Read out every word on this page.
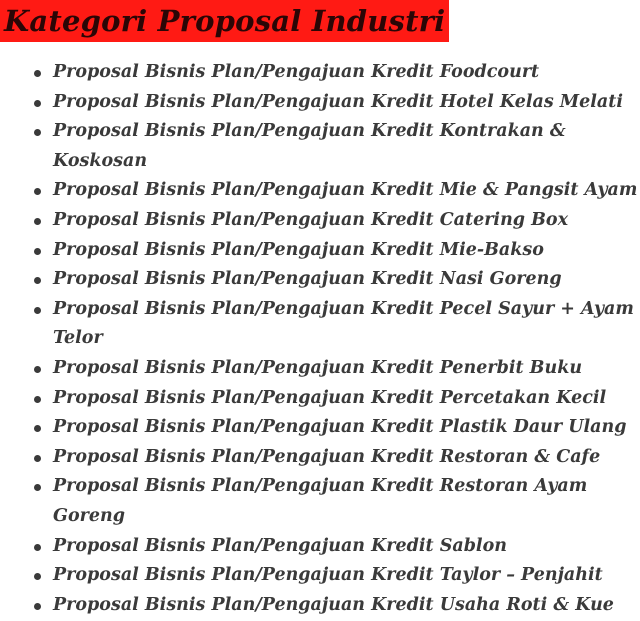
Kategori Proposal Industri
Proposal Bisnis Plan/Pengajuan Kredit Foodcourt
Proposal Bisnis Plan/Pengajuan Kredit Hotel Kelas Melati
Proposal Bisnis Plan/Pengajuan Kredit Kontrakan & Koskosan
Proposal Bisnis Plan/Pengajuan Kredit Mie & Pangsit Ayam
Proposal Bisnis Plan/Pengajuan Kredit Catering Box
Proposal Bisnis Plan/Pengajuan Kredit Mie-Bakso
Proposal Bisnis Plan/Pengajuan Kredit Nasi Goreng
Proposal Bisnis Plan/Pengajuan Kredit Pecel Sayur + Ayam Telor
Proposal Bisnis Plan/Pengajuan Kredit Penerbit Buku
Proposal Bisnis Plan/Pengajuan Kredit Percetakan Kecil
Proposal Bisnis Plan/Pengajuan Kredit Plastik Daur Ulang
Proposal Bisnis Plan/Pengajuan Kredit Restoran & Cafe
Proposal Bisnis Plan/Pengajuan Kredit Restoran Ayam Goreng
Proposal Bisnis Plan/Pengajuan Kredit Sablon
Proposal Bisnis Plan/Pengajuan Kredit Taylor – Penjahit
Proposal Bisnis Plan/Pengajuan Kredit Usaha Roti & Kue
